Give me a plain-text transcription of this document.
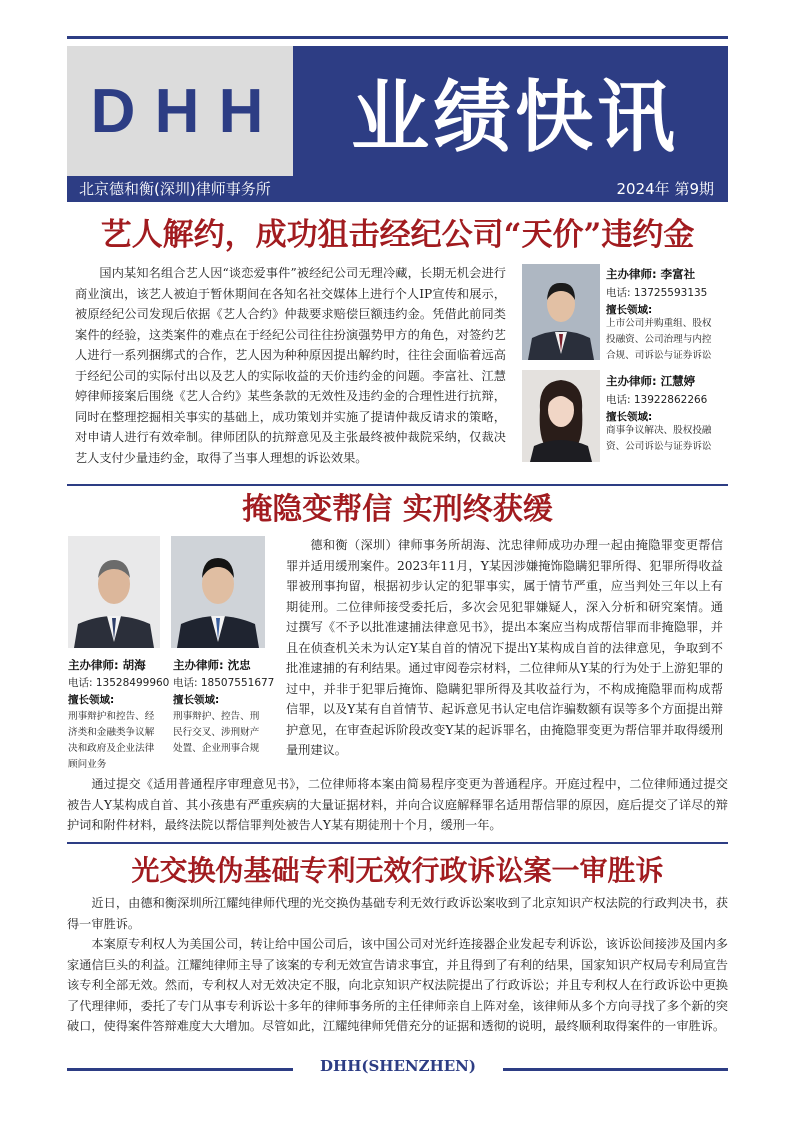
D H H	业绩快讯
北京德和衡(深圳)律师事务所	2024年 第9期
艺人解约，成功狙击经纪公司“天价”违约金

国内某知名组合艺人因“谈恋爱事件”被经纪公司无理冷藏，长期无机会进行商业演出，该艺人被迫于暂休期间在各知名社交媒体上进行个人IP宣传和展示，被原经纪公司发现后依据《艺人合约》仲裁要求赔偿巨额违约金。凭借此前同类案件的经验，这类案件的难点在于经纪公司往往扮演强势甲方的角色，对签约艺人进行一系列捆绑式的合作，艺人因为种种原因提出解约时，往往会面临着远高于经纪公司的实际付出以及艺人的实际收益的天价违约金的问题。李富社、江慧婷律师接案后围绕《艺人合约》某些条款的无效性及违约金的合理性进行抗辩，同时在整理挖掘相关事实的基础上，成功策划并实施了提请仲裁反请求的策略，对申请人进行有效牵制。律师团队的抗辩意见及主张最终被仲裁院采纳，仅裁决艺人支付少量违约金，取得了当事人理想的诉讼效果。

主办律师: 李富社
电话: 13725593135
擅长领域:
上市公司并购重组、股权
投融资、公司治理与内控
合规、司诉讼与证券诉讼
主办律师: 江慧婷
电话: 13922862266
擅长领域:
商事争议解决、股权投融
资、公司诉讼与证券诉讼
掩隐变帮信 实刑终获缓
主办律师: 胡海
电话: 13528499960
擅长领域:
刑事辩护和控告、经
济类和金融类争议解
决和政府及企业法律
顾问业务
主办律师: 沈忠
电话: 18507551677
擅长领域:
刑事辩护、控告、刑
民行交叉、涉刑财产
处置、企业刑事合规

德和衡（深圳）律师事务所胡海、沈忠律师成功办理一起由掩隐罪变更帮信罪并适用缓刑案件。2023年11月，Y某因涉嫌掩饰隐瞒犯罪所得、犯罪所得收益罪被刑事拘留，根据初步认定的犯罪事实，属于情节严重，应当判处三年以上有期徒刑。二位律师接受委托后，多次会见犯罪嫌疑人，深入分析和研究案情。通过撰写《不予以批准逮捕法律意见书》，提出本案应当构成帮信罪而非掩隐罪，并且在侦查机关未为认定Y某自首的情况下提出Y某构成自首的法律意见，争取到不批准逮捕的有利结果。通过审阅卷宗材料，二位律师从Y某的行为处于上游犯罪的过中，并非于犯罪后掩饰、隐瞒犯罪所得及其收益行为，不构成掩隐罪而构成帮信罪，以及Y某有自首情节、起诉意见书认定电信诈骗数额有误等多个方面提出辩护意见，在审查起诉阶段改变Y某的起诉罪名，由掩隐罪变更为帮信罪并取得缓刑量刑建议。

通过提交《适用普通程序审理意见书》，二位律师将本案由简易程序变更为普通程序。开庭过程中，二位律师通过提交被告人Y某构成自首、其小孩患有严重疾病的大量证据材料，并向合议庭解释罪名适用帮信罪的原因，庭后提交了详尽的辩护词和附件材料，最终法院以帮信罪判处被告人Y某有期徒刑十个月，缓刑一年。

光交换伪基础专利无效行政诉讼案一审胜诉

近日，由德和衡深圳所江耀纯律师代理的光交换伪基础专利无效行政诉讼案收到了北京知识产权法院的行政判决书，获得一审胜诉。

本案原专利权人为美国公司，转让给中国公司后，该中国公司对光纤连接器企业发起专利诉讼，该诉讼间接涉及国内多家通信巨头的利益。江耀纯律师主导了该案的专利无效宣告请求事宜，并且得到了有利的结果，国家知识产权局专利局宣告该专利全部无效。然而，专利权人对无效决定不服，向北京知识产权法院提出了行政诉讼；并且专利权人在行政诉讼中更换了代理律师，委托了专门从事专利诉讼十多年的律师事务所的主任律师亲自上阵对垒，该律师从多个方向寻找了多个新的突破口，使得案件答辩难度大大增加。尽管如此，江耀纯律师凭借充分的证据和透彻的说明，最终顺利取得案件的一审胜诉。

DHH(SHENZHEN)
